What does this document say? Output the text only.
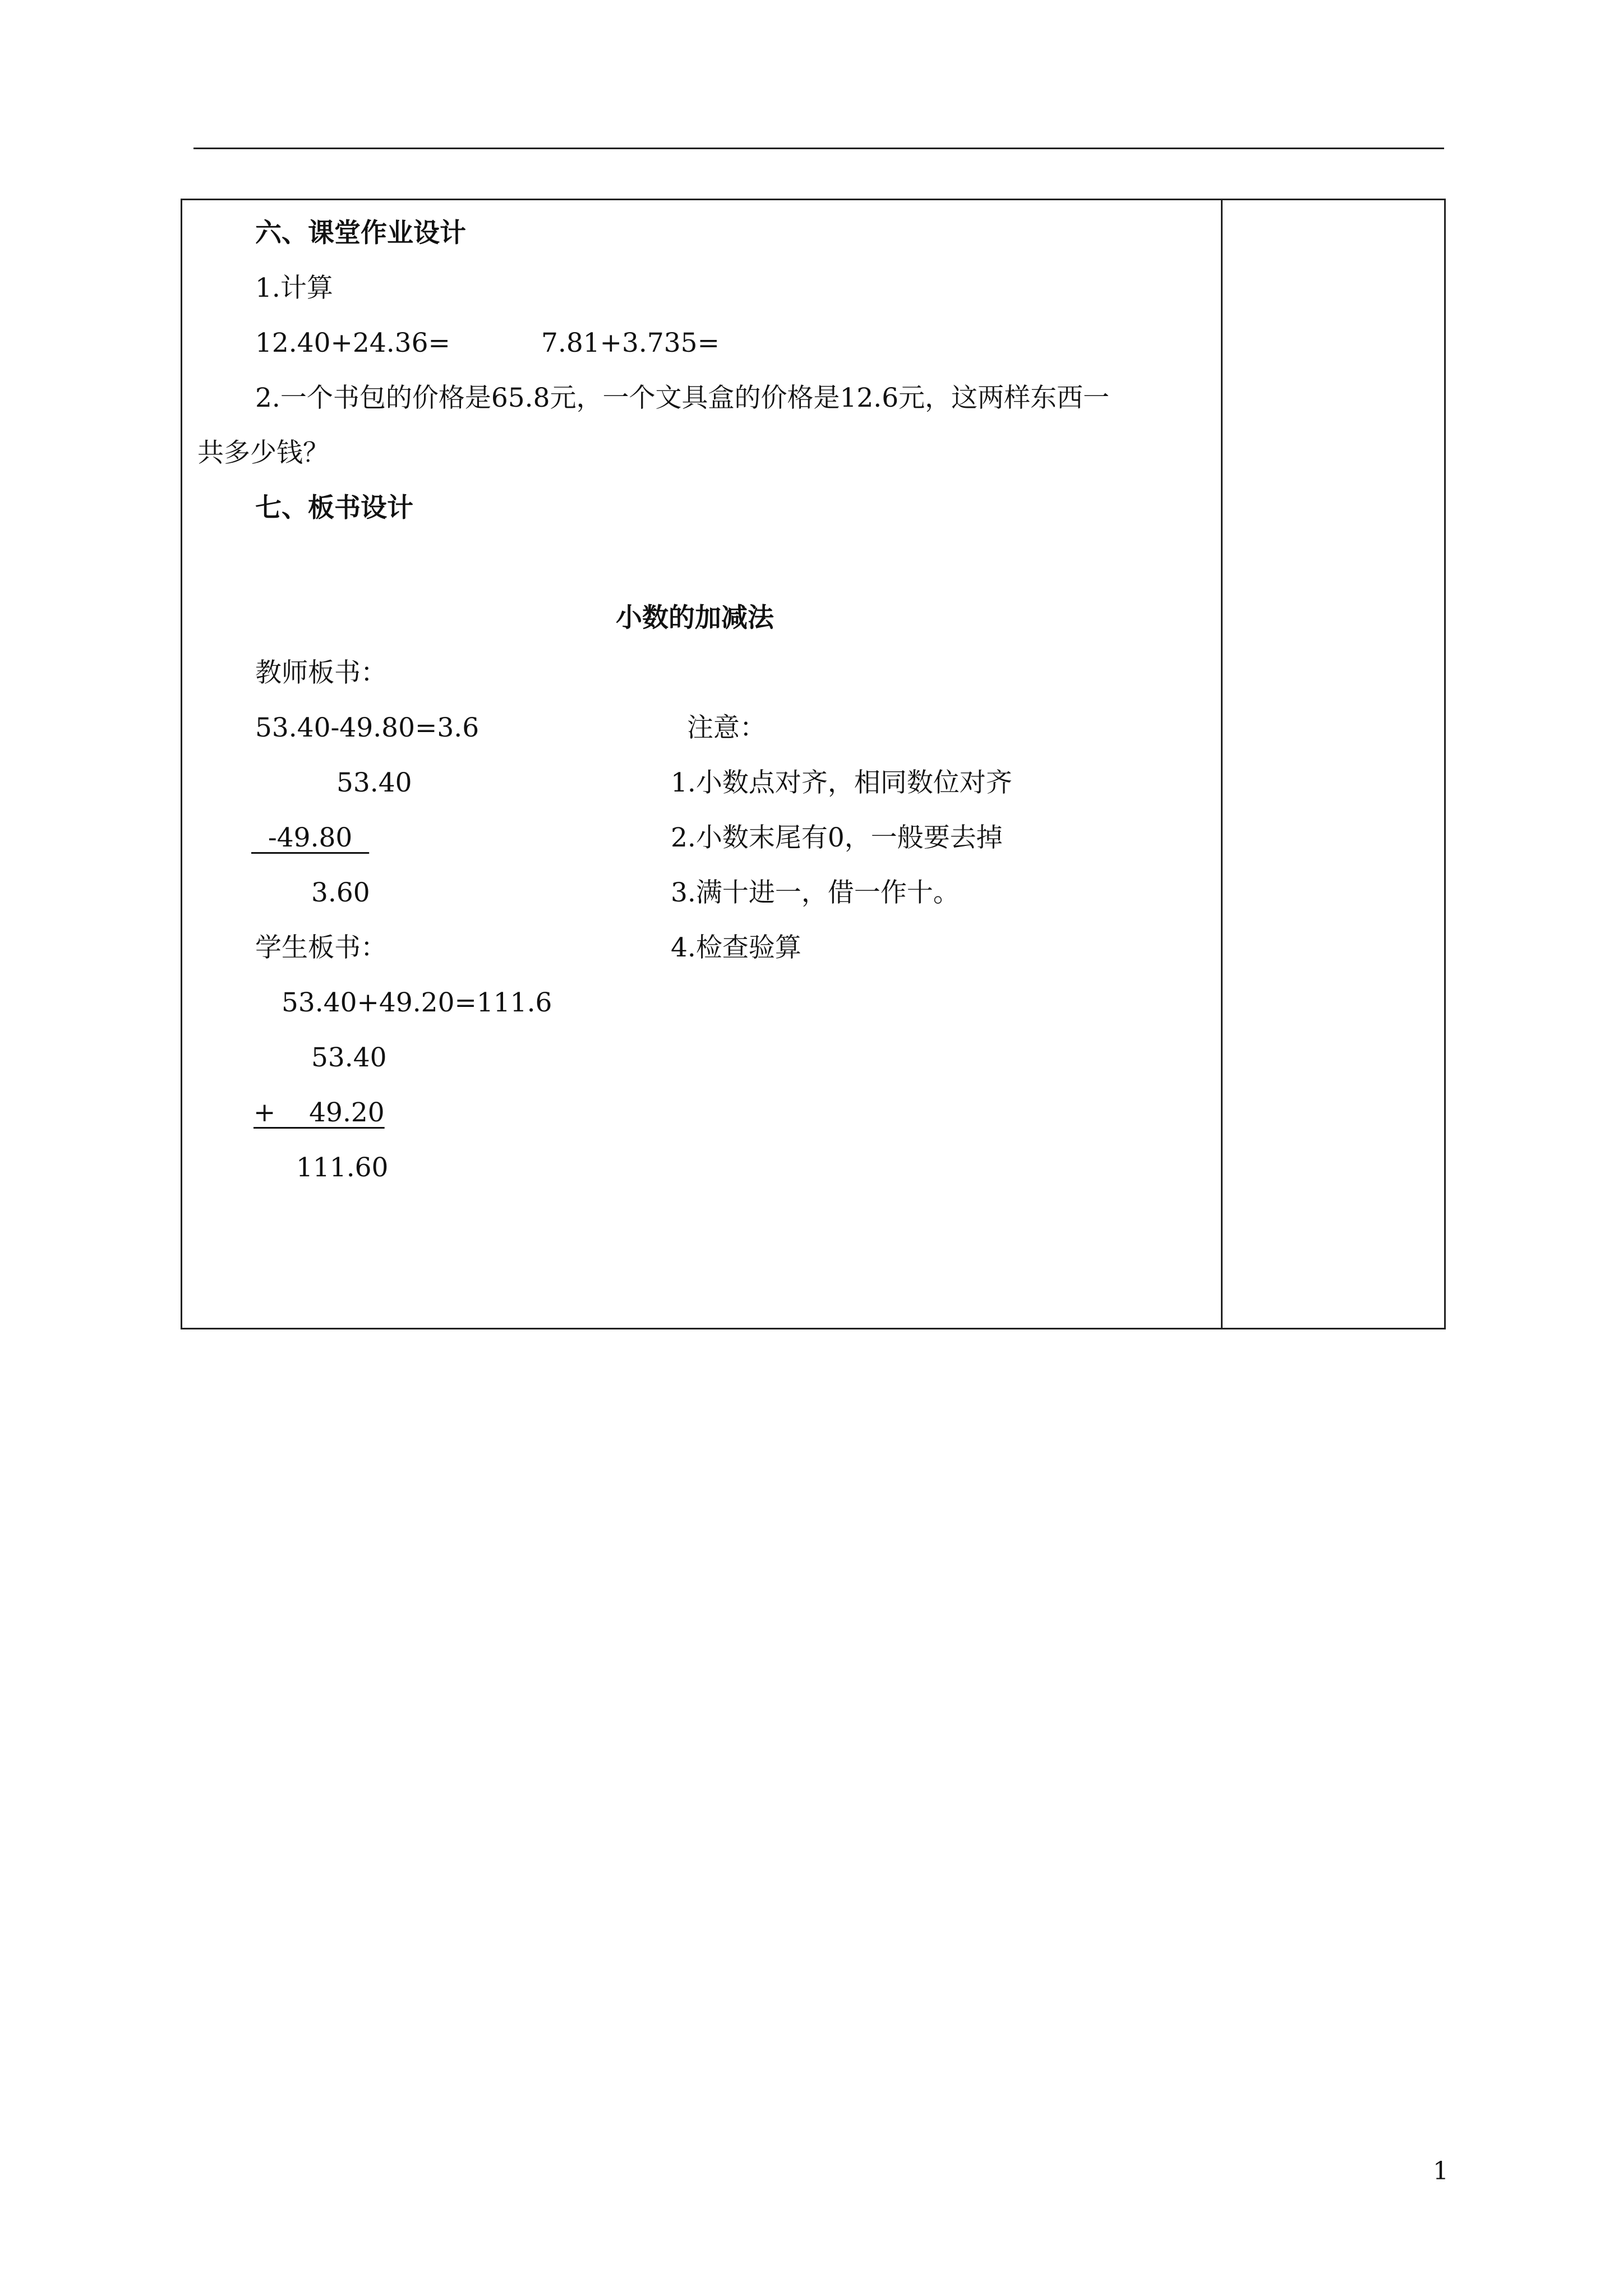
六、课堂作业设计
1.计算
12.40+24.36=	7.81+3.735=
2.一个书包的价格是65.8元，一个文具盒的价格是12.6元，这两样东西一
共多少钱？
七、板书设计
小数的加减法
教师板书：
53.40-49.80=3.6
53.40
-49.80
3.60
注意：
1.小数点对齐，相同数位对齐
2.小数末尾有0，一般要去掉
3.满十进一，借一作十。
4.检查验算
学生板书：
53.40+49.20=111.6
53.40
+    49.20
111.60
1
